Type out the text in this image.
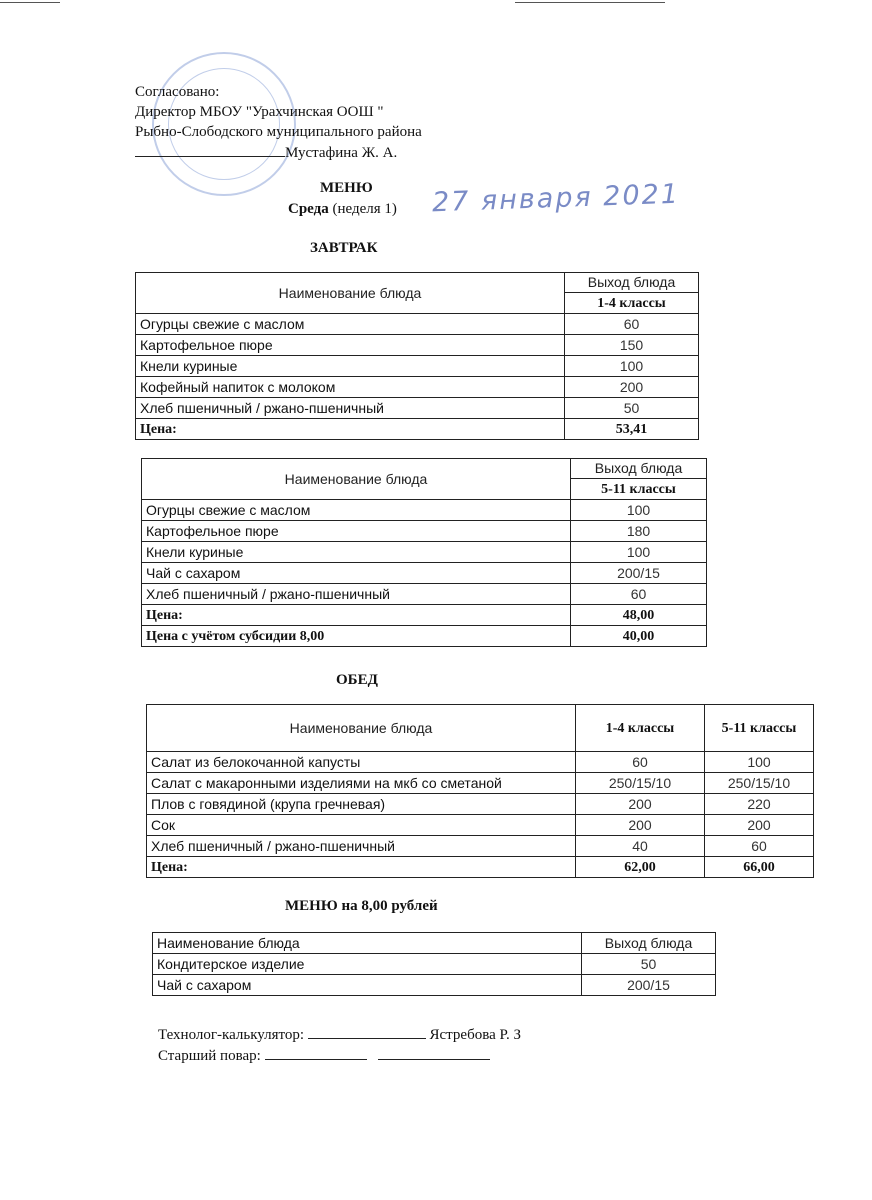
Согласовано:
Директор МБОУ "Урахчинская ООШ "
Рыбно-Слободского муниципального района
Мустафина Ж. А.
МЕНЮ
Среда (неделя 1) 27 января 2021
ЗАВТРАК
Наименование блюда	Выход блюда
	1-4 классы
Огурцы свежие с маслом	60
Картофельное пюре	150
Кнели куриные	100
Кофейный напиток с молоком	200
Хлеб пшеничный / ржано-пшеничный	50
Цена:	53,41
Наименование блюда	Выход блюда
	5-11 классы
Огурцы свежие с маслом	100
Картофельное пюре	180
Кнели куриные	100
Чай с сахаром	200/15
Хлеб пшеничный / ржано-пшеничный	60
Цена:	48,00
Цена с учётом субсидии 8,00	40,00
ОБЕД
Наименование блюда	1-4 классы	5-11 классы
Салат из белокочанной капусты	60	100
Салат с макаронными изделиями на мкб со сметаной	250/15/10	250/15/10
Плов с говядиной (крупа гречневая)	200	220
Сок	200	200
Хлеб пшеничный / ржано-пшеничный	40	60
Цена:	62,00	66,00
МЕНЮ на 8,00 рублей
Наименование блюда	Выход блюда
Кондитерское изделие	50
Чай с сахаром	200/15
Технолог-калькулятор:	Ястребова Р. З
Старший повар:
